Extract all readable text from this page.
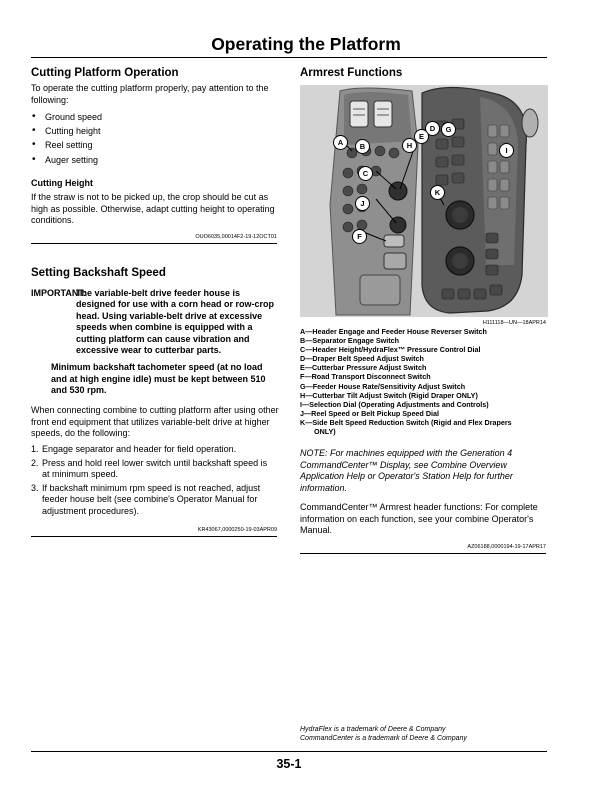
Operating the Platform
Cutting Platform Operation
To operate the cutting platform properly, pay attention to the following:
• Ground speed
• Cutting height
• Reel setting
• Auger setting
Cutting Height
If the straw is not to be picked up, the crop should be cut as high as possible. Otherwise, adapt cutting height to operating conditions.
OUO6035,00014F2-19-12OCT01
Setting Backshaft Speed
IMPORTANT:
The variable-belt drive feeder house is designed for use with a corn head or row-crop head. Using variable-belt drive at excessive speeds when combine is equipped with a cutting platform can cause vibration and excessive wear to cutterbar parts.
Minimum backshaft tachometer speed (at no load and at high engine idle) must be kept between 510 and 530 rpm.
When connecting combine to cutting platform after using other front end equipment that utilizes variable-belt drive at higher speeds, do the following:
1. Engage separator and header for field operation.
2. Press and hold reel lower switch until backshaft speed is at minimum speed.
3. If backshaft minimum rpm speed is not reached, adjust feeder house belt (see combine's Operator Manual for adjustment procedures).
KR43067,0000250-19-03APR09
Armrest Functions
A	B
C
D
E
F
G
H
I
J
K
H111118—UN—18APR14
A—Header Engage and Feeder House Reverser Switch
B—Separator Engage Switch
C—Header Height/HydraFlex™ Pressure Control Dial
D—Draper Belt Speed Adjust Switch
E—Cutterbar Pressure Adjust Switch
F—Road Transport Disconnect Switch
G—Feeder House Rate/Sensitivity Adjust Switch
H—Cutterbar Tilt Adjust Switch (Rigid Draper ONLY)
I—Selection Dial (Operating Adjustments and Controls)
J—Reel Speed or Belt Pickup Speed Dial
K—Side Belt Speed Reduction Switch (Rigid and Flex Drapers
ONLY)
NOTE: For machines equipped with the Generation 4 CommandCenter™ Display, see Combine Overview Application Help or Operator's Station Help for further information.
CommandCenter™ Armrest header functions: For complete information on each function, see your combine Operator's Manual.
AZ06188,0000194-19-17APR17
HydraFlex is a trademark of Deere & Company
CommandCenter is a trademark of Deere & Company
35-1
